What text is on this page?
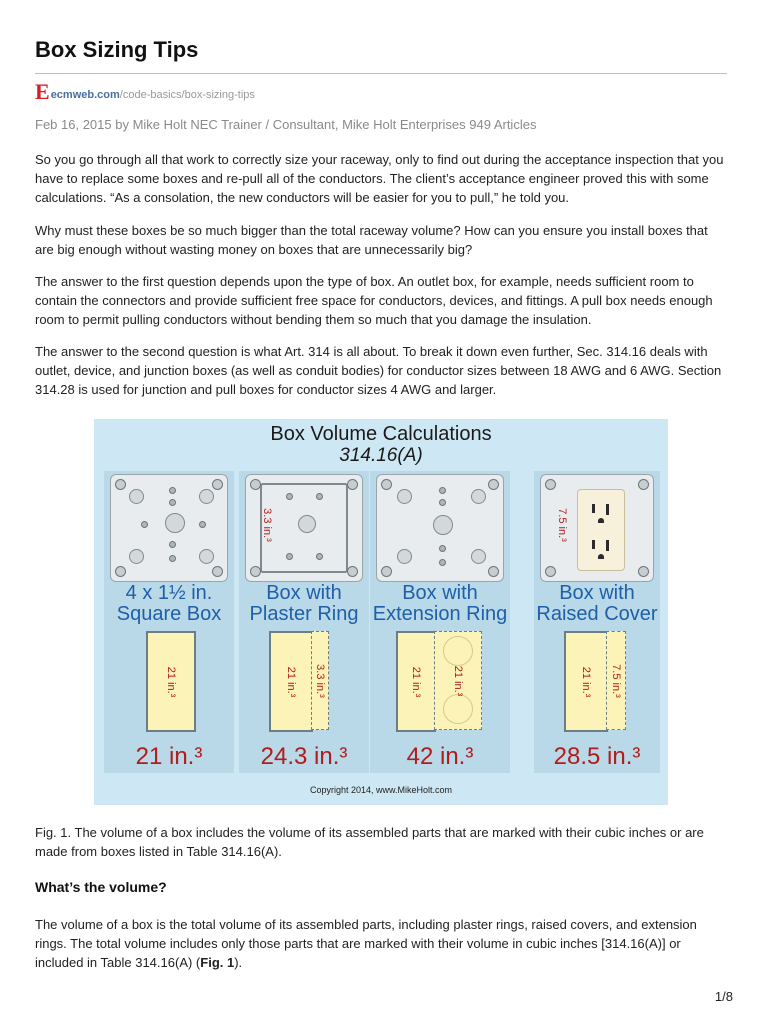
Box Sizing Tips
E ecmweb.com /code-basics/box-sizing-tips
Feb 16, 2015 by Mike Holt NEC Trainer / Consultant, Mike Holt Enterprises 949 Articles

So you go through all that work to correctly size your raceway, only to find out during the acceptance inspection that you have to replace some boxes and re-pull all of the conductors. The client’s acceptance engineer proved this with some calculations. “As a consolation, the new conductors will be easier for you to pull,” he told you.

Why must these boxes be so much bigger than the total raceway volume? How can you ensure you install boxes that are big enough without wasting money on boxes that are unnecessarily big?

The answer to the first question depends upon the type of box. An outlet box, for example, needs sufficient room to contain the connectors and provide sufficient free space for conductors, devices, and fittings. A pull box needs enough room to permit pulling conductors without bending them so much that you damage the insulation.

The answer to the second question is what Art. 314 is all about. To break it down even further, Sec. 314.16 deals with outlet, device, and junction boxes (as well as conduit bodies) for conductor sizes between 18 AWG and 6 AWG. Section 314.28 is used for junction and pull boxes for conductor sizes 4 AWG and larger.

Box Volume Calculations
314.16(A)
4 x 1½ in.
Square Box
21 in.³
21 in.³
3.3 in.³
Box with
Plaster Ring
21 in.³ 3.3 in.³
24.3 in.³
Box with
Extension Ring
21 in.³	21 in.³
42 in.³
7.5 in.³
Box with
Raised Cover
21 in.³ 7.5 in.³
28.5 in.³
Copyright 2014, www.MikeHolt.com

Fig. 1. The volume of a box includes the volume of its assembled parts that are marked with their cubic inches or are made from boxes listed in Table 314.16(A).

What’s the volume?

The volume of a box is the total volume of its assembled parts, including plaster rings, raised covers, and extension rings. The total volume includes only those parts that are marked with their volume in cubic inches [314.16(A)] or included in Table 314.16(A) (Fig. 1).

1/8
